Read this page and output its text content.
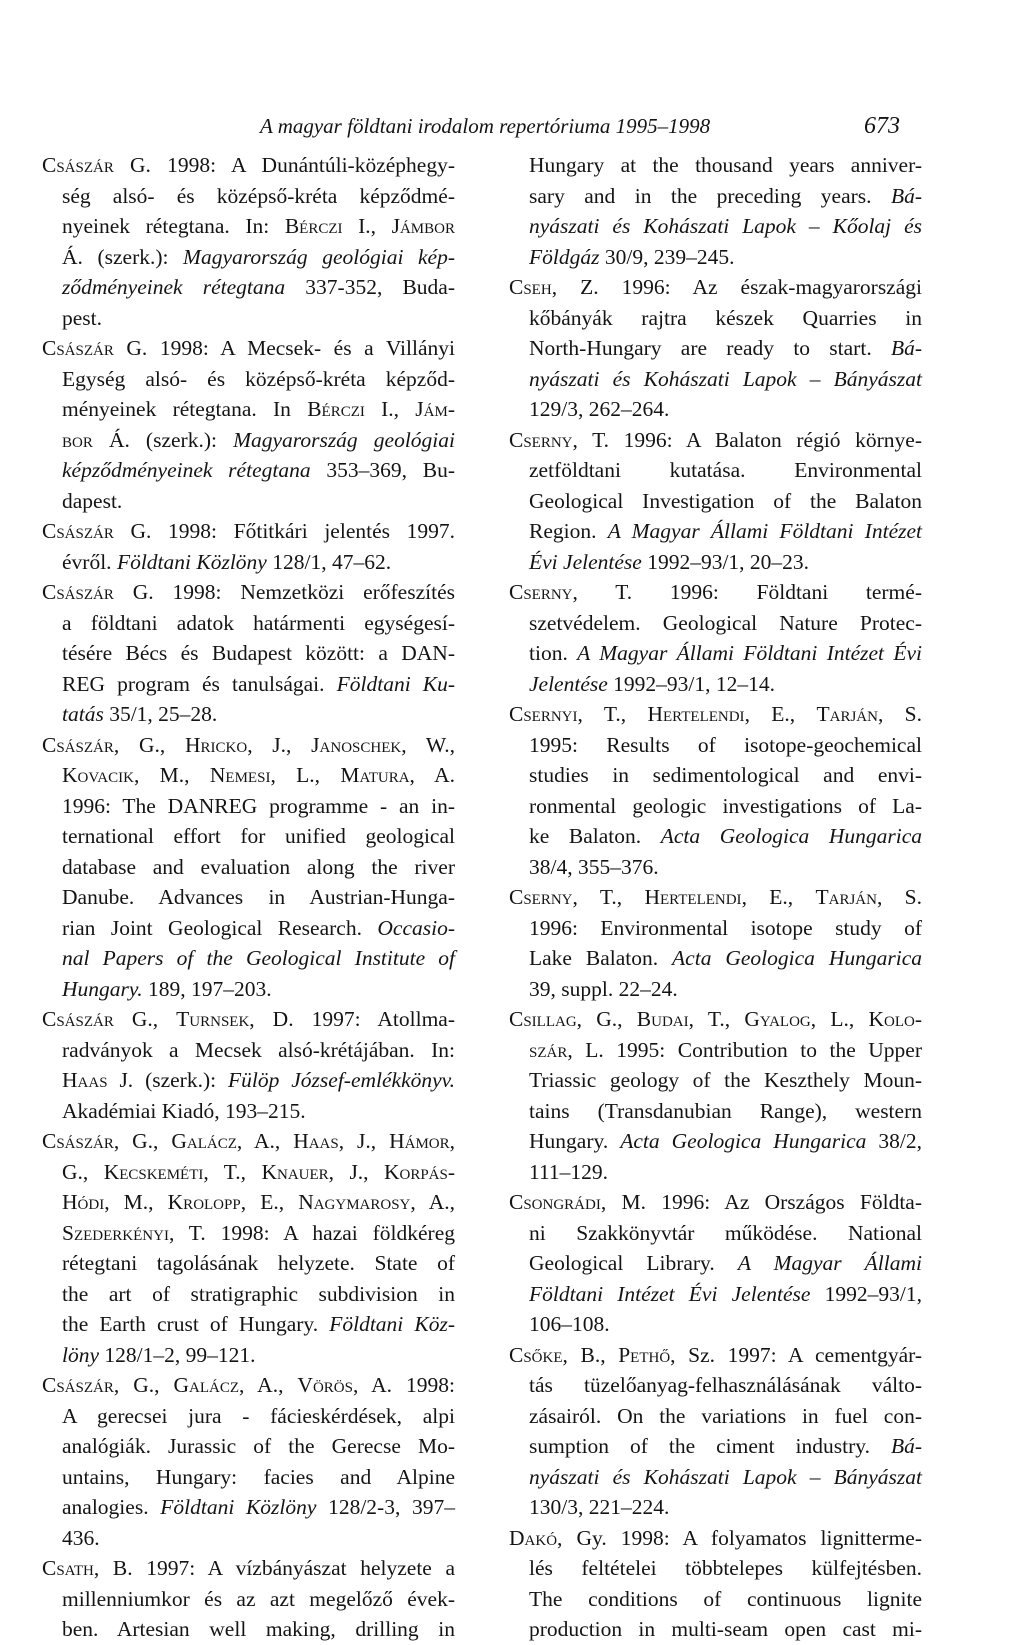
A magyar földtani irodalom repertóriuma 1995–1998	673
Császár G. 1998: A Dunántúli-középhegy-
ség alsó- és középső-kréta képződmé-
nyeinek rétegtana. In: Bérczi I., Jámbor
Á. (szerk.): Magyarország geológiai kép-
ződményeinek rétegtana 337-352, Buda-
pest.
Császár G. 1998: A Mecsek- és a Villányi
Egység alsó- és középső-kréta képződ-
ményeinek rétegtana. In Bérczi I., Jám-
bor Á. (szerk.): Magyarország geológiai
képződményeinek rétegtana 353–369, Bu-
dapest.
Császár G. 1998: Főtitkári jelentés 1997.
évről. Földtani Közlöny 128/1, 47–62.
Császár G. 1998: Nemzetközi erőfeszítés
a földtani adatok határmenti egységesí-
tésére Bécs és Budapest között: a DAN-
REG program és tanulságai. Földtani Ku-
tatás 35/1, 25–28.
Császár, G., Hricko, J., Janoschek, W.,
Kovacik, M., Nemesi, L., Matura, A.
1996: The DANREG programme - an in-
ternational effort for unified geological
database and evaluation along the river
Danube. Advances in Austrian-Hunga-
rian Joint Geological Research. Occasio-
nal Papers of the Geological Institute of
Hungary. 189, 197–203.
Császár G., Turnsek, D. 1997: Atollma-
radványok a Mecsek alsó-krétájában. In:
Haas J. (szerk.): Fülöp József-emlékkönyv.
Akadémiai Kiadó, 193–215.
Császár, G., Galácz, A., Haas, J., Hámor,
G., Kecskeméti, T., Knauer, J., Korpás-
Hódi, M., Krolopp, E., Nagymarosy, A.,
Szederkényi, T. 1998: A hazai földkéreg
rétegtani tagolásának helyzete. State of
the art of stratigraphic subdivision in
the Earth crust of Hungary. Földtani Köz-
löny 128/1–2, 99–121.
Császár, G., Galácz, A., Vörös, A. 1998:
A gerecsei jura - fácieskérdések, alpi
analógiák. Jurassic of the Gerecse Mo-
untains, Hungary: facies and Alpine
analogies. Földtani Közlöny 128/2-3, 397–
436.
Csath, B. 1997: A vízbányászat helyzete a
millenniumkor és az azt megelőző évek-
ben. Artesian well making, drilling in
Hungary at the thousand years anniver-
sary and in the preceding years. Bá-
nyászati és Kohászati Lapok – Kőolaj és
Földgáz 30/9, 239–245.
Cseh, Z. 1996: Az észak-magyarországi
kőbányák rajtra készek Quarries in
North-Hungary are ready to start. Bá-
nyászati és Kohászati Lapok – Bányászat
129/3, 262–264.
Cserny, T. 1996: A Balaton régió környe-
zetföldtani kutatása. Environmental
Geological Investigation of the Balaton
Region. A Magyar Állami Földtani Intézet
Évi Jelentése 1992–93/1, 20–23.
Cserny, T. 1996: Földtani termé-
szetvédelem. Geological Nature Protec-
tion. A Magyar Állami Földtani Intézet Évi
Jelentése 1992–93/1, 12–14.
Csernyi, T., Hertelendi, E., Tarján, S.
1995: Results of isotope-geochemical
studies in sedimentological and envi-
ronmental geologic investigations of La-
ke Balaton. Acta Geologica Hungarica
38/4, 355–376.
Cserny, T., Hertelendi, E., Tarján, S.
1996: Environmental isotope study of
Lake Balaton. Acta Geologica Hungarica
39, suppl. 22–24.
Csillag, G., Budai, T., Gyalog, L., Kolo-
szár, L. 1995: Contribution to the Upper
Triassic geology of the Keszthely Moun-
tains (Transdanubian Range), western
Hungary. Acta Geologica Hungarica 38/2,
111–129.
Csongrádi, M. 1996: Az Országos Földta-
ni Szakkönyvtár működése. National
Geological Library. A Magyar Állami
Földtani Intézet Évi Jelentése 1992–93/1,
106–108.
Csőke, B., Pethő, Sz. 1997: A cementgyár-
tás tüzelőanyag-felhasználásának válto-
zásairól. On the variations in fuel con-
sumption of the ciment industry. Bá-
nyászati és Kohászati Lapok – Bányászat
130/3, 221–224.
Dakó, Gy. 1998: A folyamatos lignitterme-
lés feltételei többtelepes külfejtésben.
The conditions of continuous lignite
production in multi-seam open cast mi-
